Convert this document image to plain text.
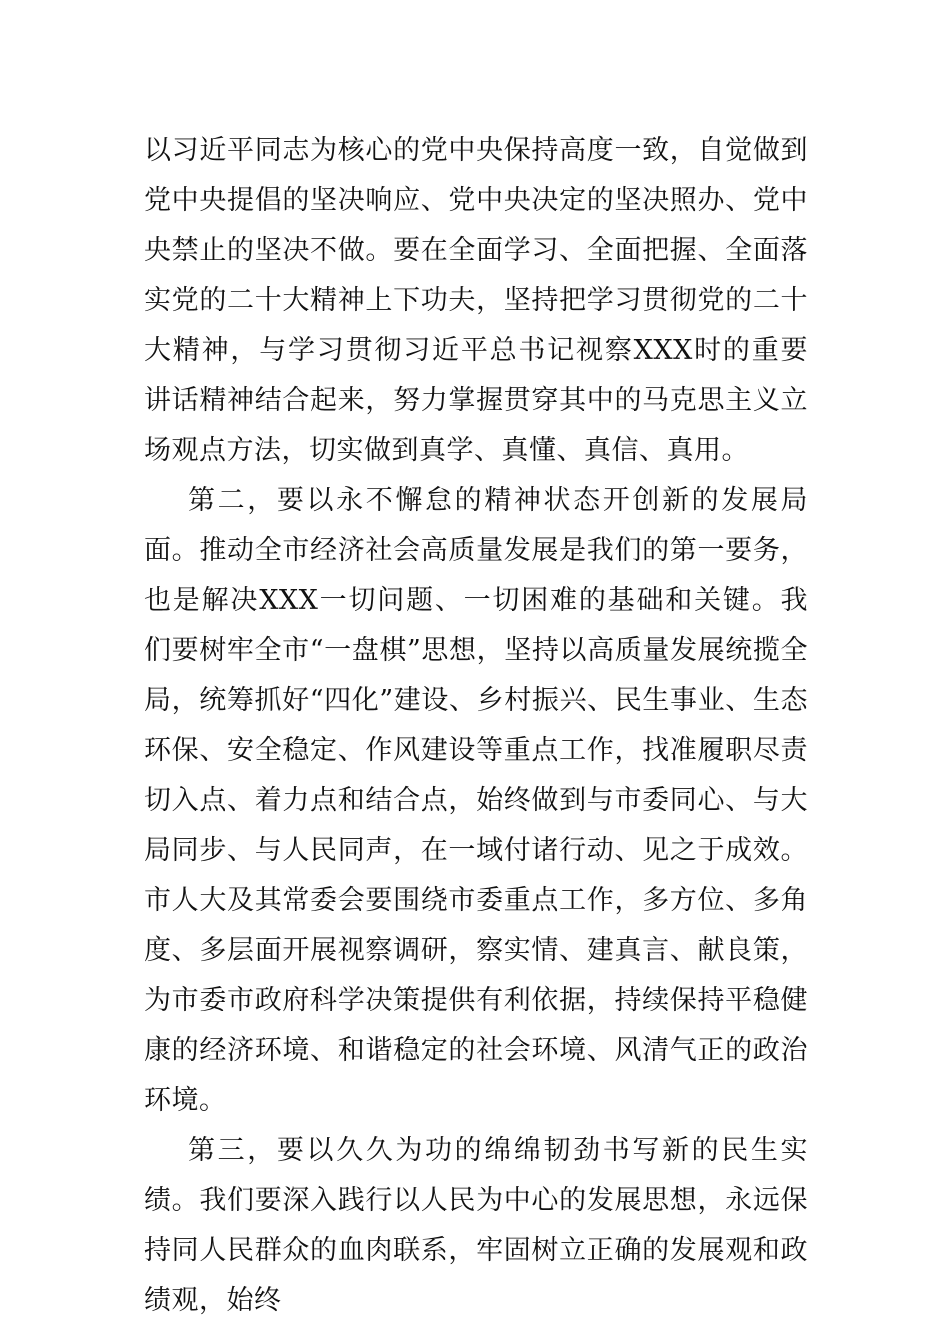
以习近平同志为核心的党中央保持高度一致，自觉做到党中央提倡的坚决响应、党中央决定的坚决照办、党中央禁止的坚决不做。要在全面学习、全面把握、全面落实党的二十大精神上下功夫，坚持把学习贯彻党的二十大精神，与学习贯彻习近平总书记视察XXX时的重要讲话精神结合起来，努力掌握贯穿其中的马克思主义立场观点方法，切实做到真学、真懂、真信、真用。

第二，要以永不懈怠的精神状态开创新的发展局面。推动全市经济社会高质量发展是我们的第一要务，也是解决XXX一切问题、一切困难的基础和关键。我们要树牢全市“一盘棋”思想，坚持以高质量发展统揽全局，统筹抓好“四化”建设、乡村振兴、民生事业、生态环保、安全稳定、作风建设等重点工作，找准履职尽责切入点、着力点和结合点，始终做到与市委同心、与大局同步、与人民同声，在一域付诸行动、见之于成效。市人大及其常委会要围绕市委重点工作，多方位、多角度、多层面开展视察调研，察实情、建真言、献良策，为市委市政府科学决策提供有利依据，持续保持平稳健康的经济环境、和谐稳定的社会环境、风清气正的政治环境。

第三，要以久久为功的绵绵韧劲书写新的民生实绩。我们要深入践行以人民为中心的发展思想，永远保持同人民群众的血肉联系，牢固树立正确的发展观和政绩观，始终
